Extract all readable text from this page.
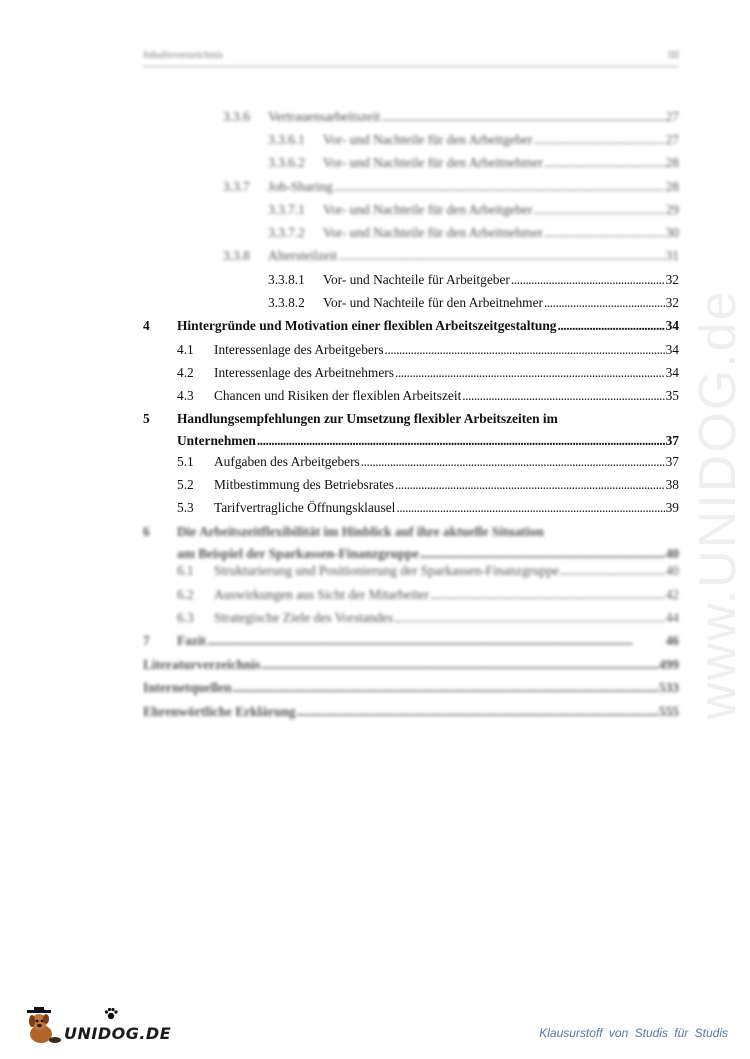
Inhaltsverzeichnis	III
3.3.6 Vertrauensarbeitszeit . . .	27
3.3.6.1 Vor- und Nachteile für den Arbeitgeber . . .	27
3.3.6.2 Vor- und Nachteile für den Arbeitnehmer . . .	28
3.3.7 Job-Sharing . . .	28
3.3.7.1 Vor- und Nachteile für den Arbeitgeber . . .	29
3.3.7.2 Vor- und Nachteile für den Arbeitnehmer . . .	30
3.3.8 Altersteilzeit . . .	31
3.3.8.1 Vor- und Nachteile für Arbeitgeber . . .	32
3.3.8.2 Vor- und Nachteile für den Arbeitnehmer . . .	32
4 Hintergründe und Motivation einer flexiblen Arbeitszeitgestaltung . . .	34
4.1 Interessenlage des Arbeitgebers . . .	34
4.2 Interessenlage des Arbeitnehmers . . .	34
4.3 Chancen und Risiken der flexiblen Arbeitszeit . . .	35
5 Handlungsempfehlungen zur Umsetzung flexibler Arbeitszeiten im
Unternehmen . . .	37
5.1 Aufgaben des Arbeitgebers . . .	37
5.2 Mitbestimmung des Betriebsrates . . .	38
5.3 Tarifvertragliche Öffnungsklausel . . .	39
6 Die Arbeitszeitflexibilität im Hinblick auf ihre aktuelle Situation
am Beispiel der Sparkassen-Finanzgruppe . . .	40
6.1 Strukturierung und Positionierung der Sparkassen-Finanzgruppe . . .	40
6.2 Auswirkungen aus Sicht der Mitarbeiter . . .	42
6.3 Strategische Ziele des Vorstandes . . .	44
7 Fazit . . .	46
Literaturverzeichnis . . .	499
Internetquellen . . .	533
Ehrenwörtliche Erklärung . . .	555 www.UNIDOG.de
UNIDOG.DE	Klausurstoff von Studis für Studis
